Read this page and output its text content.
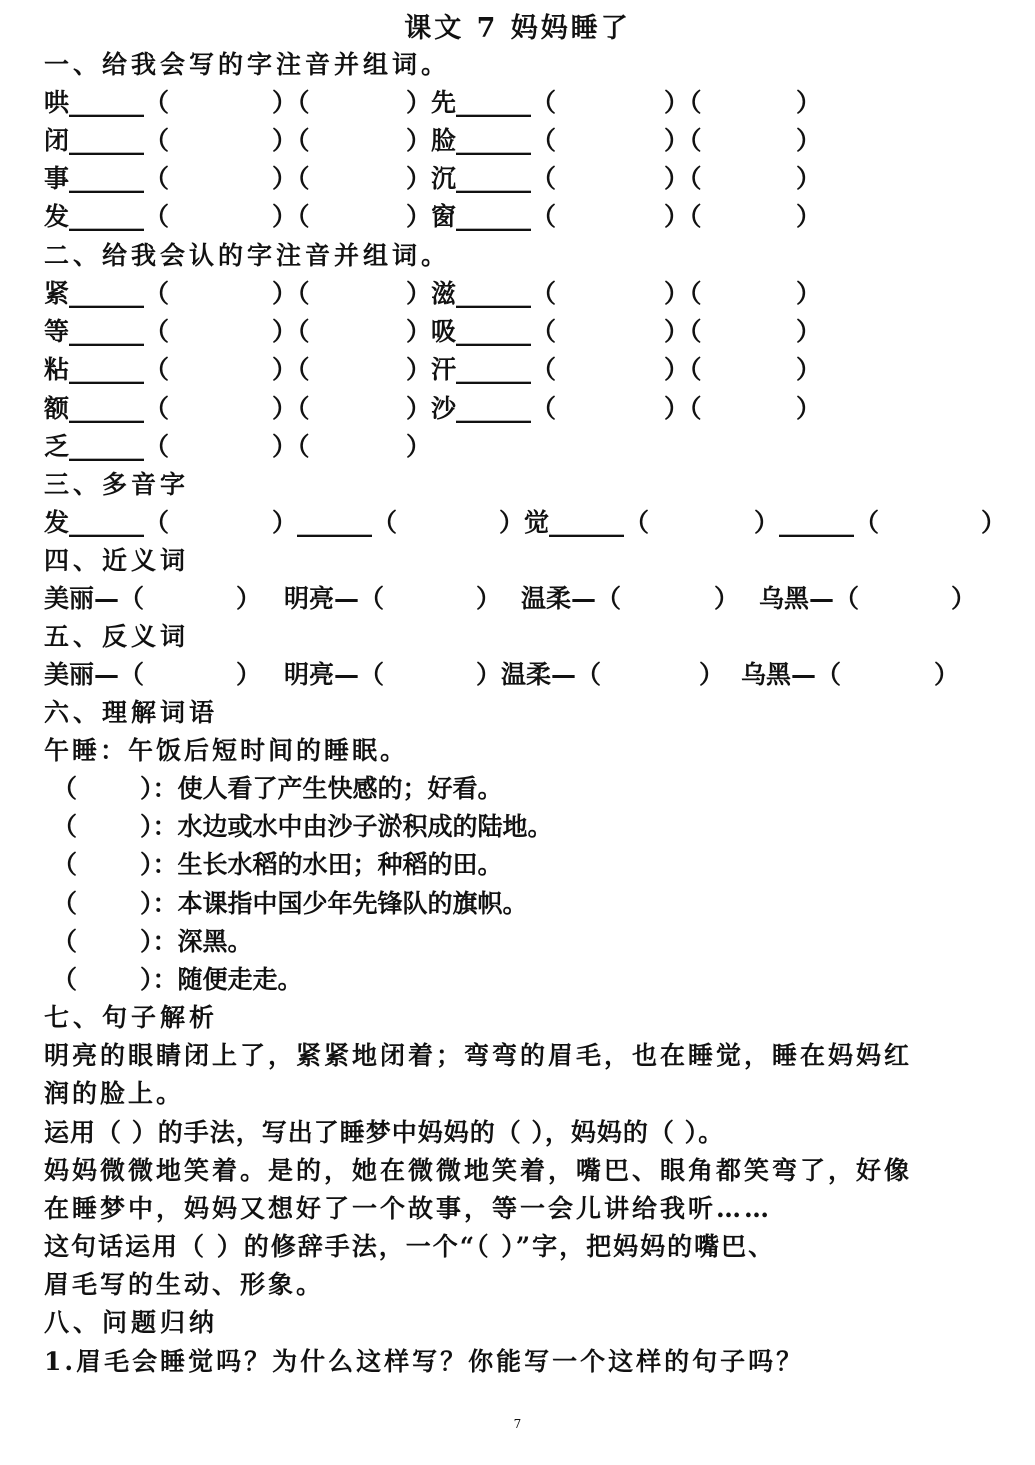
课文 7 妈妈睡了
一、给我会写的字注音并组词。
哄______（	）（	）先______（	）（	）
闭______（	）（	）脸______（	）（	）
事______（	）（	）沉______（	）（	）
发______（	）（	）窗______（	）（	）
二、给我会认的字注音并组词。
紧______（	）（	）滋______（	）（	）
等______（	）（	）吸______（	）（	）
粘______（	）（	）汗______（	）（	）
额______（	）（	）沙______（	）（	）
乏______（	）（	）
三、多音字
发______（	）______（	）觉______（	）______（	）
四、近义词
美丽—（	） 明亮—（	） 温柔—（	） 乌黑—（	）
五、反义词
美丽—（	） 明亮—（	）温柔—（	） 乌黑—（	）
六、理解词语
午睡：午饭后短时间的睡眠。
（	）：使人看了产生快感的；好看。
（	）：水边或水中由沙子淤积成的陆地。
（	）：生长水稻的水田；种稻的田。
（	）：本课指中国少年先锋队的旗帜。
（	）：深黑。
（	）：随便走走。
七、句子解析
明亮的眼睛闭上了，紧紧地闭着；弯弯的眉毛，也在睡觉，睡在妈妈红
润的脸上。
运用（ ）的手法，写出了睡梦中妈妈的（ ），妈妈的（ ）。
妈妈微微地笑着。是的，她在微微地笑着，嘴巴、眼角都笑弯了，好像
在睡梦中，妈妈又想好了一个故事，等一会儿讲给我听……
这句话运用（ ）的修辞手法，一个“（ ）”字，把妈妈的嘴巴、
眉毛写的生动、形象。
八、问题归纳
1.眉毛会睡觉吗？为什么这样写？你能写一个这样的句子吗？
7
